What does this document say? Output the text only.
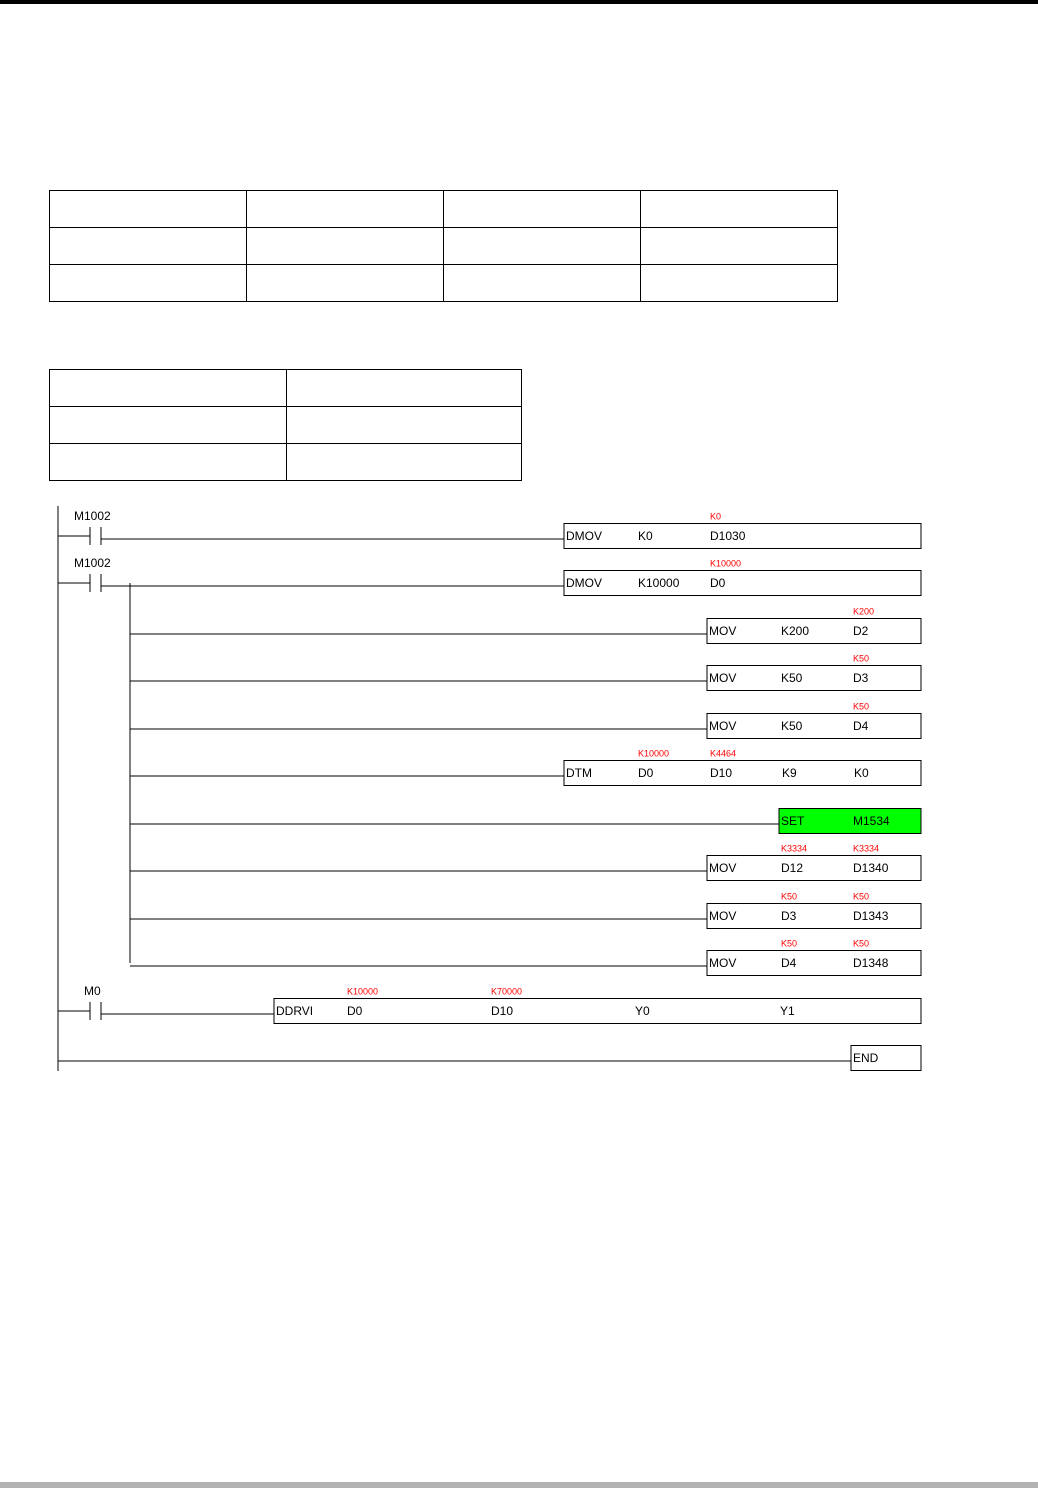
M1002
DMOV	K0	D1030
K0
M1002
DMOV	K10000	D0
K10000
MOV	K200	D2
K200
MOV	K50	D3
K50
MOV	K50	D4
K50
DTM	D0
K10000
D10
K4464
K9	K0
SET	M1534
MOV	D12
K3334
D1340
K3334
MOV	D3
K50
D1343
K50
MOV	D4
K50
D1348
K50
M0
DDRVI	D0
K10000
D10
K70000
Y0	Y1
END
